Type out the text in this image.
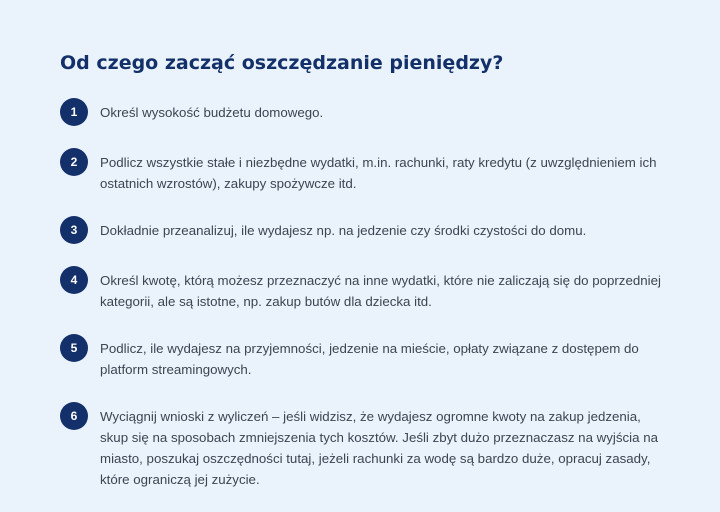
Od czego zacząć oszczędzanie pieniędzy?
1	Określ wysokość budżetu domowego.
2	Podlicz wszystkie stałe i niezbędne wydatki, m.in. rachunki, raty kredytu (z uwzględnieniem ich ostatnich wzrostów), zakupy spożywcze itd.
3	Dokładnie przeanalizuj, ile wydajesz np. na jedzenie czy środki czystości do domu.
4	Określ kwotę, którą możesz przeznaczyć na inne wydatki, które nie zaliczają się do poprzedniej kategorii, ale są istotne, np. zakup butów dla dziecka itd.
5	Podlicz, ile wydajesz na przyjemności, jedzenie na mieście, opłaty związane z dostępem do platform streamingowych.
6	Wyciągnij wnioski z wyliczeń – jeśli widzisz, że wydajesz ogromne kwoty na zakup jedzenia, skup się na sposobach zmniejszenia tych kosztów. Jeśli zbyt dużo przeznaczasz na wyjścia na miasto, poszukaj oszczędności tutaj, jeżeli rachunki za wodę są bardzo duże, opracuj zasady, które ograniczą jej zużycie.
